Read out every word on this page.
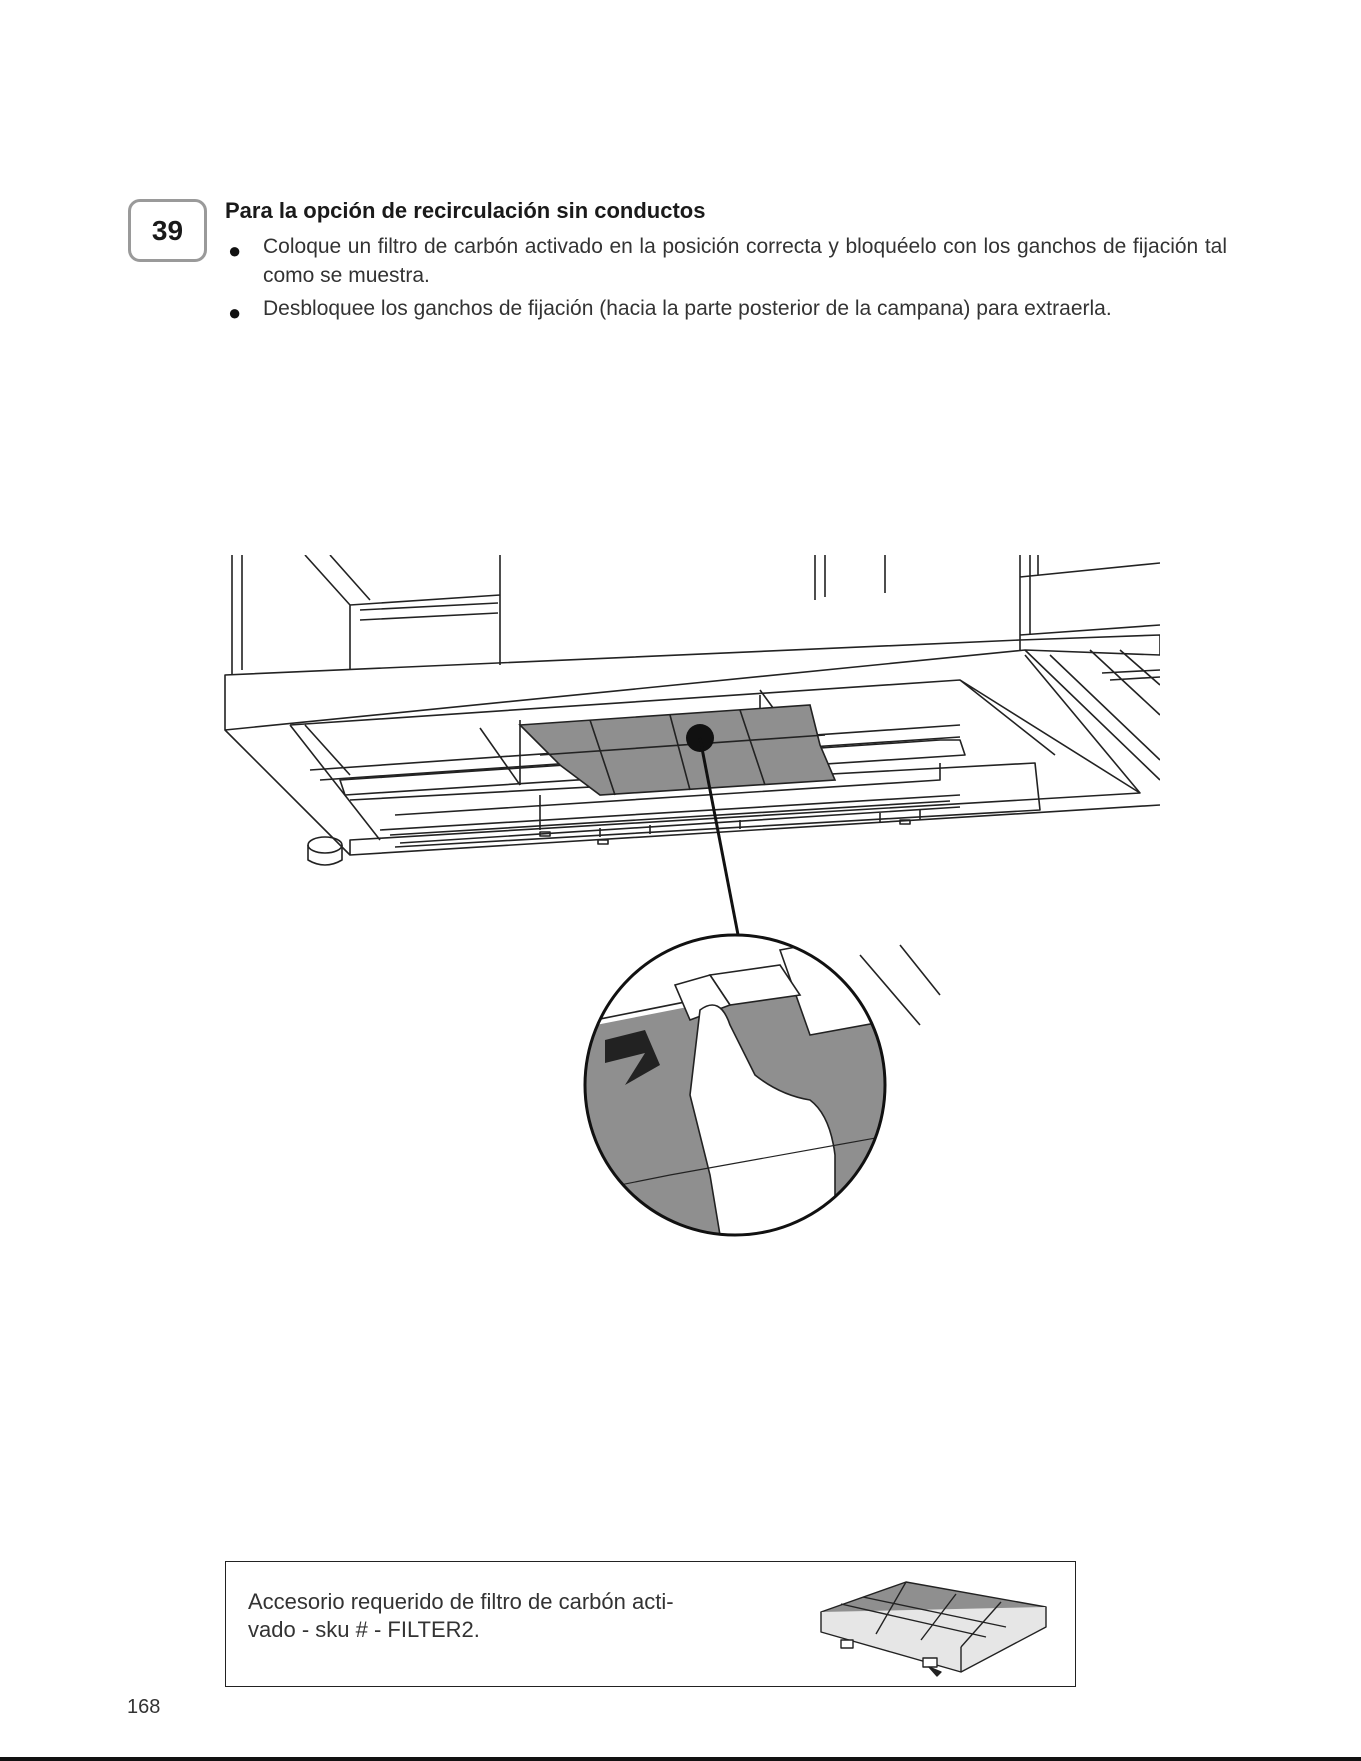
39
Para la opción de recirculación sin conductos
● Coloque un filtro de carbón activado en la posición correcta y bloquéelo con los ganchos de fijación tal como se muestra.
● Desbloquee los ganchos de fijación (hacia la parte posterior de la campana) para extraerla.
Accesorio requerido de filtro de carbón acti-vado - sku # - FILTER2.
168
